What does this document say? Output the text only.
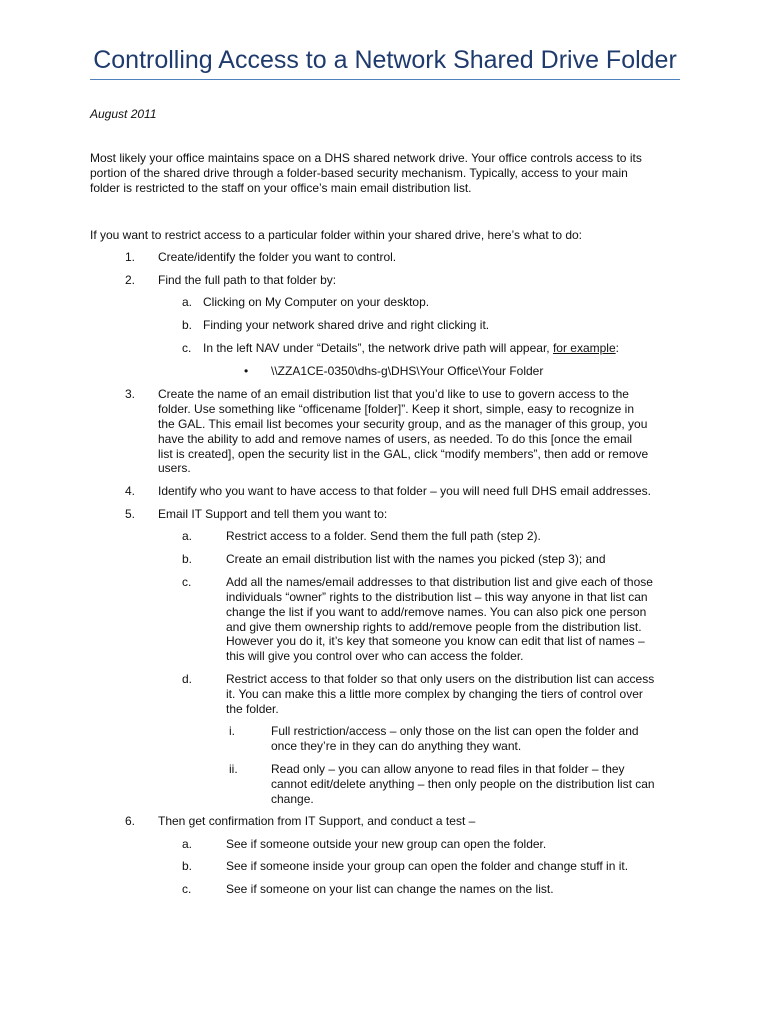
Controlling Access to a Network Shared Drive Folder
August 2011
Most likely your office maintains space on a DHS shared network drive. Your office controls access to its
portion of the shared drive through a folder-based security mechanism. Typically, access to your main
folder is restricted to the staff on your office’s main email distribution list.
If you want to restrict access to a particular folder within your shared drive, here’s what to do:
1. Create/identify the folder you want to control.
2. Find the full path to that folder by:
a. Clicking on My Computer on your desktop.
b. Finding your network shared drive and right clicking it.
c. In the left NAV under “Details”, the network drive path will appear, for example:
• \\ZZA1CE-0350\dhs-g\DHS\Your Office\Your Folder
3. Create the name of an email distribution list that you’d like to use to govern access to the
folder. Use something like “officename [folder]”. Keep it short, simple, easy to recognize in
the GAL. This email list becomes your security group, and as the manager of this group, you
have the ability to add and remove names of users, as needed. To do this [once the email
list is created], open the security list in the GAL, click “modify members”, then add or remove
users.
4. Identify who you want to have access to that folder – you will need full DHS email addresses.
5. Email IT Support and tell them you want to:
a.	Restrict access to a folder. Send them the full path (step 2).
b.	Create an email distribution list with the names you picked (step 3); and
c.	Add all the names/email addresses to that distribution list and give each of those
individuals “owner” rights to the distribution list – this way anyone in that list can
change the list if you want to add/remove names. You can also pick one person
and give them ownership rights to add/remove people from the distribution list.
However you do it, it’s key that someone you know can edit that list of names –
this will give you control over who can access the folder.
d.	Restrict access to that folder so that only users on the distribution list can access
it. You can make this a little more complex by changing the tiers of control over
the folder.
i.	Full restriction/access – only those on the list can open the folder and
once they’re in they can do anything they want.
ii.	Read only – you can allow anyone to read files in that folder – they
cannot edit/delete anything – then only people on the distribution list can
change.
6. Then get confirmation from IT Support, and conduct a test –
a.	See if someone outside your new group can open the folder.
b.	See if someone inside your group can open the folder and change stuff in it.
c.	See if someone on your list can change the names on the list.
